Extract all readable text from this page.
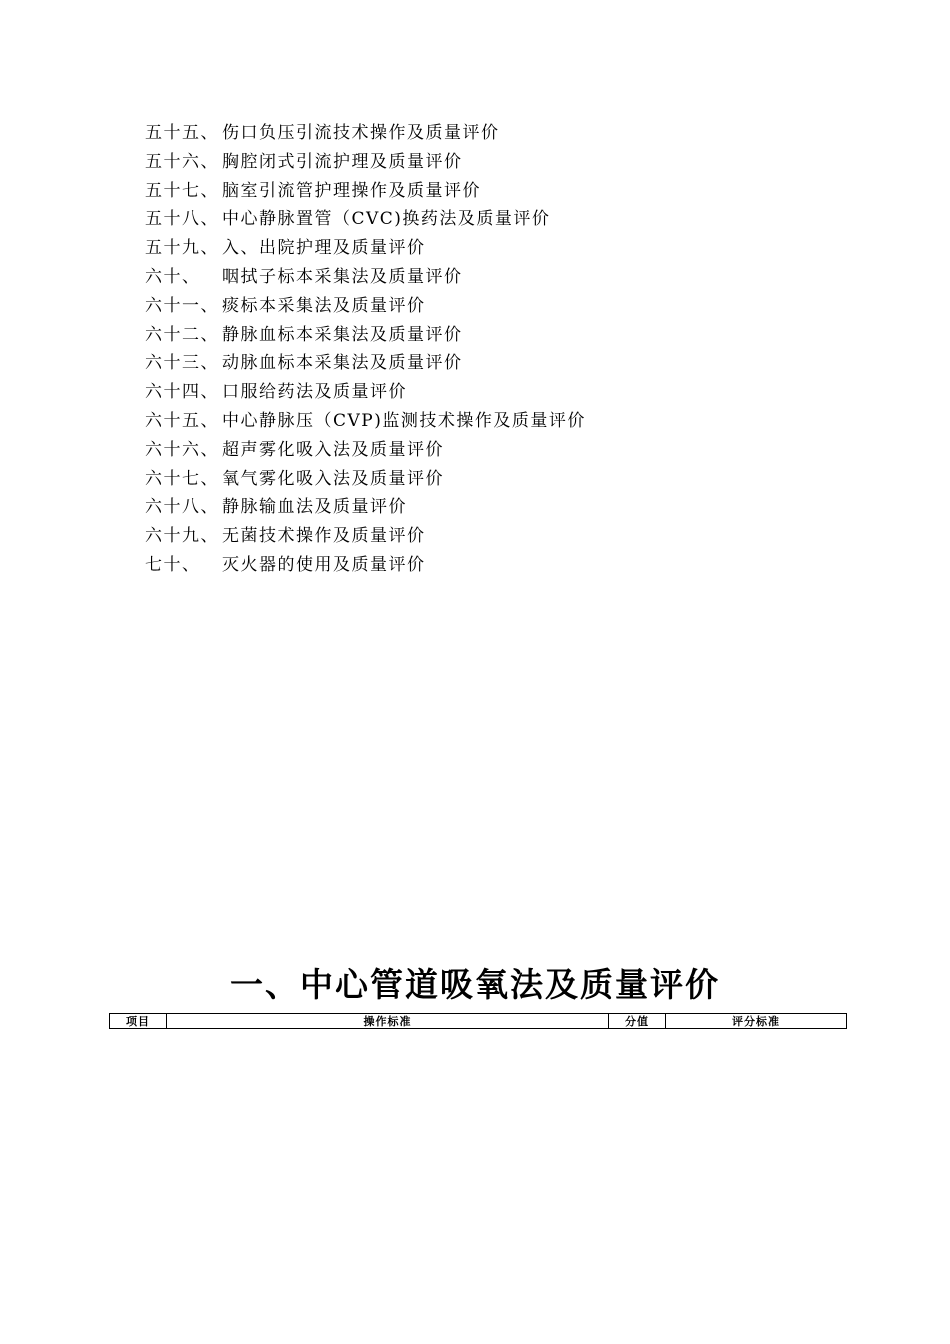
五十五、 伤口负压引流技术操作及质量评价
五十六、 胸腔闭式引流护理及质量评价
五十七、 脑室引流管护理操作及质量评价
五十八、 中心静脉置管（CVC)换药法及质量评价
五十九、 入、出院护理及质量评价
六十、	咽拭子标本采集法及质量评价
六十一、 痰标本采集法及质量评价
六十二、 静脉血标本采集法及质量评价
六十三、 动脉血标本采集法及质量评价
六十四、 口服给药法及质量评价
六十五、 中心静脉压（CVP)监测技术操作及质量评价
六十六、 超声雾化吸入法及质量评价
六十七、 氧气雾化吸入法及质量评价
六十八、 静脉输血法及质量评价
六十九、 无菌技术操作及质量评价
七十、	灭火器的使用及质量评价
一、中心管道吸氧法及质量评价
项目	操作标准	分值	评分标准
